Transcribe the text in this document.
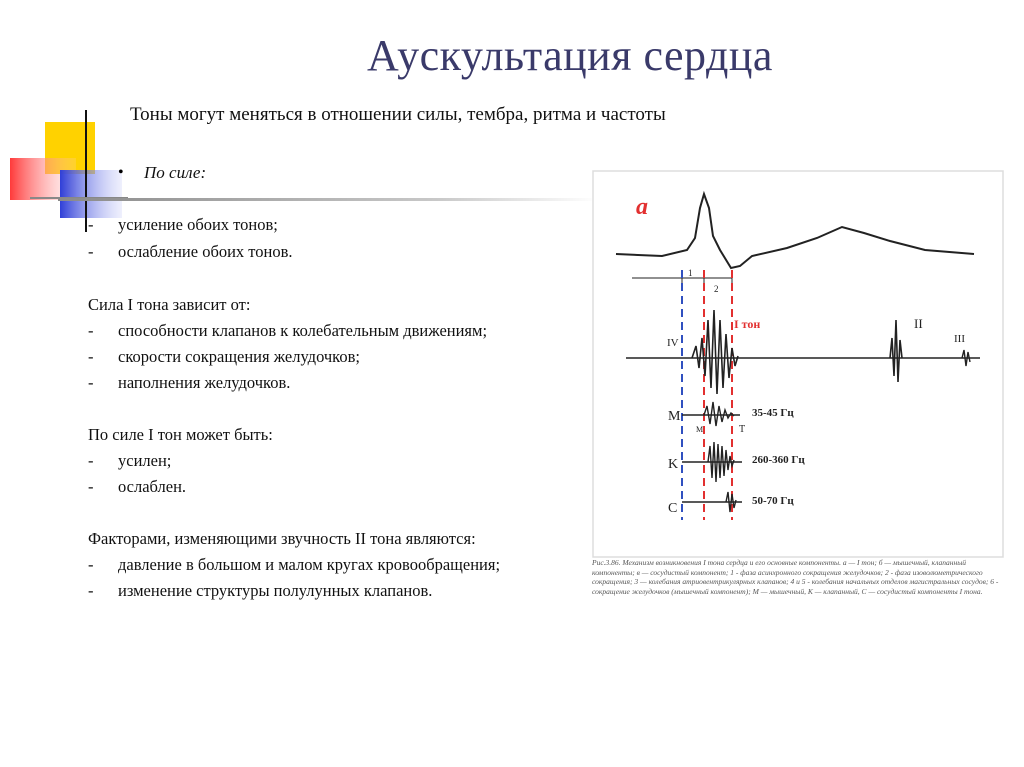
Аускультация сердца
Тоны могут меняться в отношении силы, тембра, ритма и частоты
• По силе:
- усиление обоих тонов;
- ослабление обоих тонов.
Сила I тона зависит от:
- способности клапанов к колебательным движениям;
- скорости сокращения желудочков;
- наполнения желудочков.
По силе I тон может быть:
- усилен;
- ослаблен.
Факторами, изменяющими звучность II тона являются:
- давление в большом и малом кругах кровообращения;
- изменение структуры полулунных клапанов.
а
1
2
IV
I тон	II
III
M
M	T
35-45 Гц
K	260-360 Гц
C	50-70 Гц
Рис.3.86. Механизм возникновения I тона сердца и его основные компоненты. а — I тон; б — мышечный, клапанный компоненты; в — сосудистый компонент; 1 - фаза асинхронного сокращения желудочков; 2 - фаза изоволюметрического сокращения; 3 — колебания атриовентрикулярных клапанов; 4 и 5 - колебания начальных отделов магистральных сосудов; 6 - сокращение желудочков (мышечный компонент); М — мышечный, К — клапанный, С — сосудистый компоненты I тона.
